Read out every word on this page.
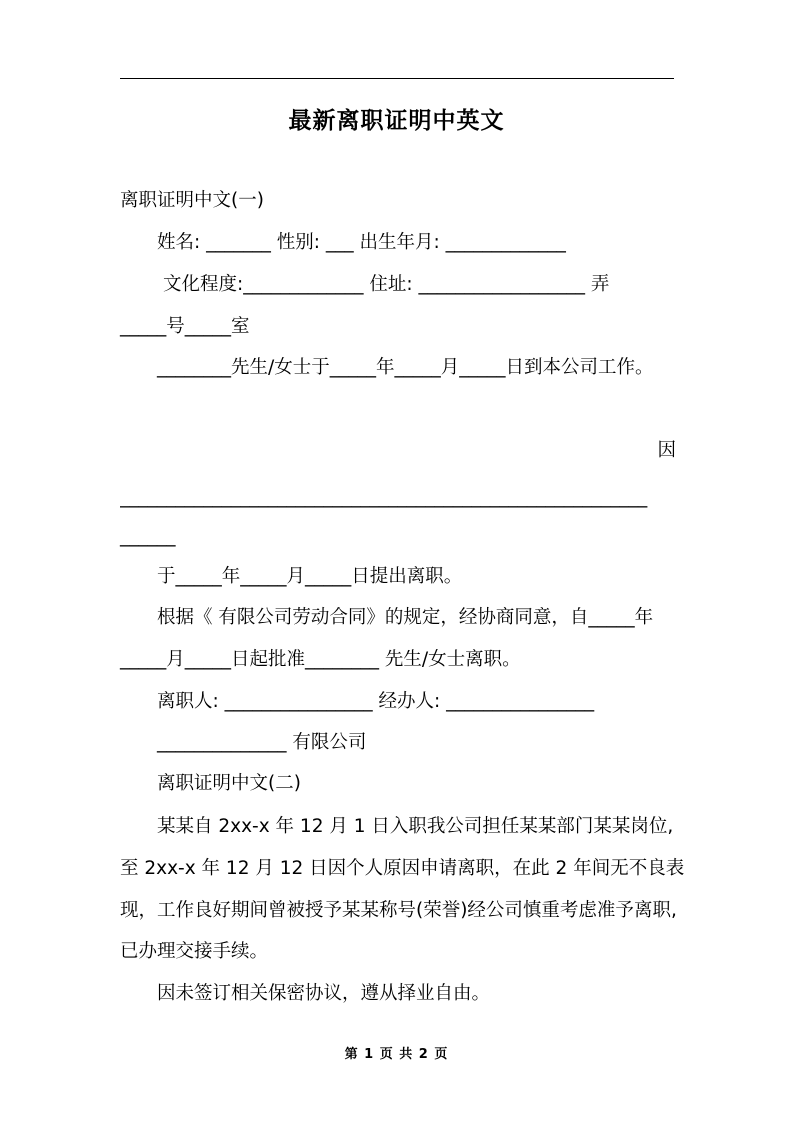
最新离职证明中英文
离职证明中文(一)
姓名: _______ 性别: ___ 出生年月: _____________
文化程度:_____________ 住址: __________________ 弄
_____号_____室
________先生/女士于_____年_____月_____日到本公司工作。
因
_________________________________________________________
______
于_____年_____月_____日提出离职。
根据《 有限公司劳动合同》的规定，经协商同意，自_____年
_____月_____日起批准________ 先生/女士离职。
离职人: ________________ 经办人: ________________
______________ 有限公司
离职证明中文(二)
某某自 2xx-x 年 12 月 1 日入职我公司担任某某部门某某岗位,
至 2xx-x 年 12 月 12 日因个人原因申请离职，在此 2 年间无不良表
现，工作良好期间曾被授予某某称号(荣誉)经公司慎重考虑准予离职,
已办理交接手续。
因未签订相关保密协议，遵从择业自由。
第 1 页 共 2 页
